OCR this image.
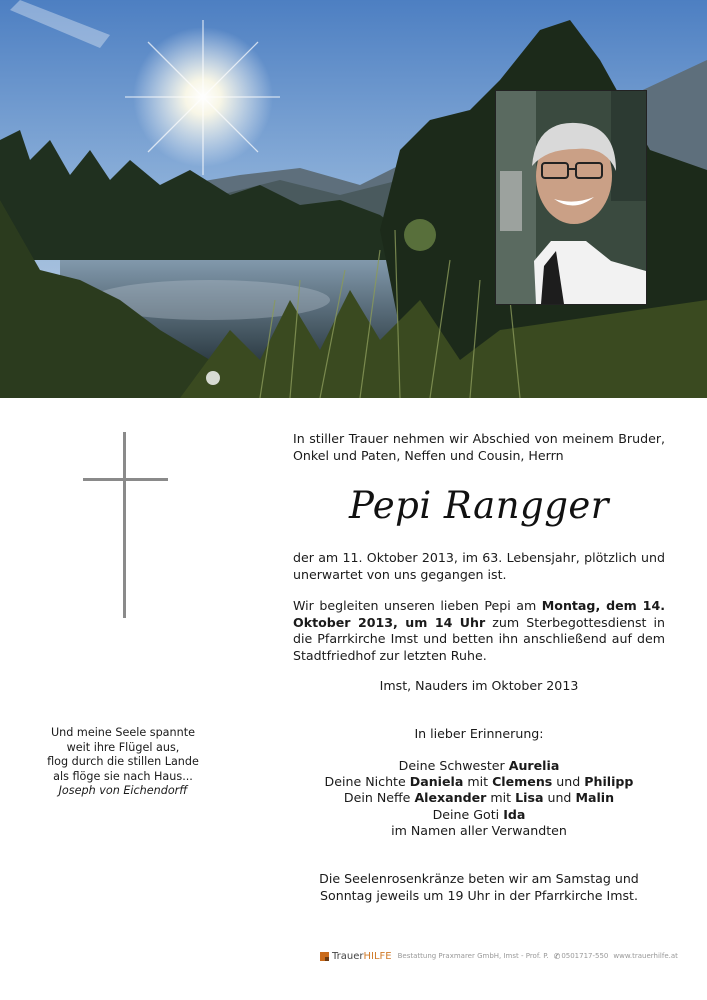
In stiller Trauer nehmen wir Abschied von meinem Bruder, Onkel und Paten, Neffen und Cousin, Herrn
Pepi Rangger
der am 11. Oktober 2013, im 63. Lebensjahr, plötzlich und unerwartet von uns gegangen ist.
Wir begleiten unseren lieben Pepi am Montag, dem 14. Oktober 2013, um 14 Uhr zum Sterbegottesdienst in die Pfarrkirche Imst und betten ihn anschließend auf dem Stadtfriedhof zur letzten Ruhe.
Imst, Nauders im Oktober 2013
In lieber Erinnerung:
Deine Schwester Aurelia
Deine Nichte Daniela mit Clemens und Philipp
Dein Neffe Alexander mit Lisa und Malin
Deine Goti Ida
im Namen aller Verwandten
Die Seelenrosenkränze beten wir am Samstag und Sonntag jeweils um 19 Uhr in der Pfarrkirche Imst.
Und meine Seele spannte
weit ihre Flügel aus,
flog durch die stillen Lande
als flöge sie nach Haus...
Joseph von Eichendorff
Trauer HILFE Bestattung Praxmarer GmbH, Imst - Prof. P. ✆ 0501717-550 www.trauerhilfe.at
